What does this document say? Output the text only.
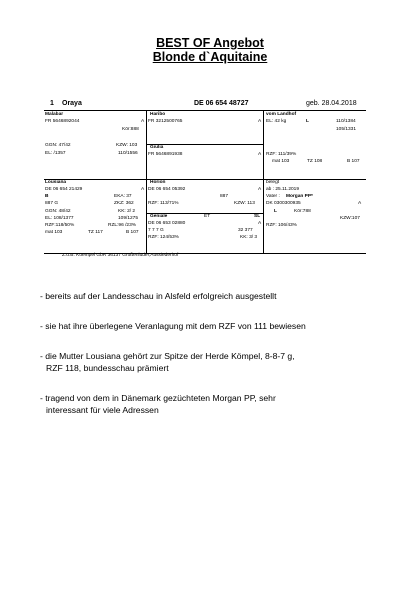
BEST OF Angebot
Blonde d`Aquitaine
1 Oraya	DE 06 654 48727	geb. 28.04.2018
Malabar
FR 5646892044	A
Kör:888
GGN: 47/42	KZW: 103
EL: /1357	110/1556
Haribo
FR 3212500765	A
Giulia
FR 5646891938	A
vom Landhof
EL: 42 kg	L	110/1384
105/1331
RZF: 111/39%
mat 103	TZ 108	B 107
Lousiana
DE 06 654 21429	A
B	EKA: 37
887 G	ZKZ: 362
GGN: 48/42	KK: 2/ 2
EL: 108/1377	109/1275
RZF:118/50%	RZL:96 /23%
mat 103	TZ 117	B 107
Horion
DE 06 654 05392	A
887
RZF: 113/71%	KZW: 113
Geniale	ET	SL
DE 06 653 02880	A
7 7 7 G	32 377
RZF: 124/53%	KK: 3/ 3
belegt
ab : 25.11.2019
Vater : Morgan PP*
DK 0300300935	A
L	Kör:788
KZW:107
RZF: 106/43%
Z.u.B: Koempel GbR 36137 Großenlüder,Aussiederhof
- bereits auf der Landesschau in Alsfeld erfolgreich ausgestellt
- sie hat ihre überlegene Veranlagung mit dem RZF von 111 bewiesen
- die Mutter Lousiana gehört zur Spitze der Herde Kömpel, 8-8-7 g,
RZF 118, bundesschau prämiert
- tragend von dem in Dänemark gezüchteten Morgan PP, sehr
interessant für viele Adressen
